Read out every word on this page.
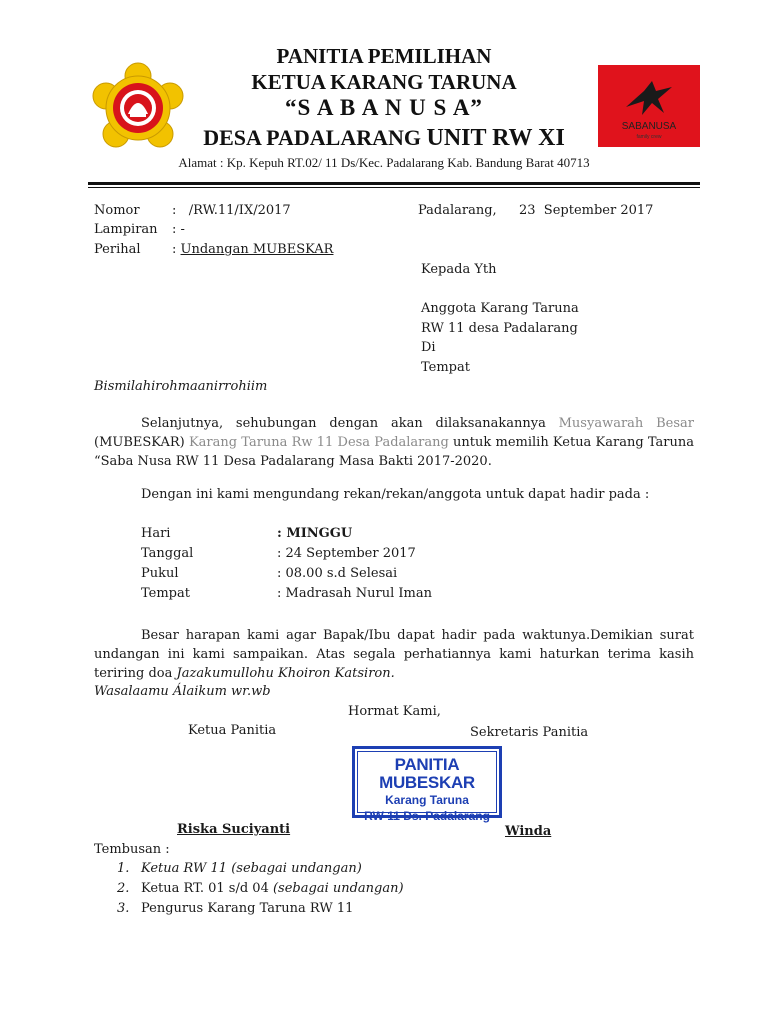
SABANUSA
family crew
PANITIA PEMILIHAN
KETUA KARANG TARUNA
“S A B A N U S A”
DESA PADALARANG UNIT RW XI
Alamat : Kp. Kepuh RT.02/ 11 Ds/Kec. Padalarang Kab. Bandung Barat 40713
Nomor :   /RW.11/IX/2017	Padalarang, 23  September 2017
Lampiran : -
Perihal : Undangan MUBESKAR
Kepada Yth
Anggota Karang Taruna
RW 11 desa Padalarang
Di
Tempat
Bismilahirohmaanirrohiim
Selanjutnya, sehubungan dengan akan dilaksanakannya Musyawarah Besar (MUBESKAR) Karang Taruna Rw 11 Desa Padalarang untuk memilih Ketua Karang Taruna “Saba Nusa RW 11 Desa Padalarang Masa Bakti 2017-2020.
Dengan ini kami mengundang rekan/rekan/anggota untuk dapat hadir pada :
Hari	: MINGGU
Tanggal	: 24 September 2017
Pukul	: 08.00 s.d Selesai
Tempat	: Madrasah Nurul Iman
Besar harapan kami agar Bapak/Ibu dapat hadir pada waktunya.Demikian surat undangan ini kami sampaikan. Atas segala perhatiannya kami haturkan terima kasih teriring doa Jazakumullohu Khoiron Katsiron.
Wasalaamu Álaikum wr.wb
Hormat Kami,
Ketua Panitia	Sekretaris Panitia
PANITIA MUBESKAR
Karang Taruna
RW 11 Ds. Padalarang
Riska Suciyanti	Winda
Tembusan :
1. Ketua RW 11 (sebagai undangan)
2. Ketua RT. 01 s/d 04 (sebagai undangan)
3. Pengurus Karang Taruna RW 11
